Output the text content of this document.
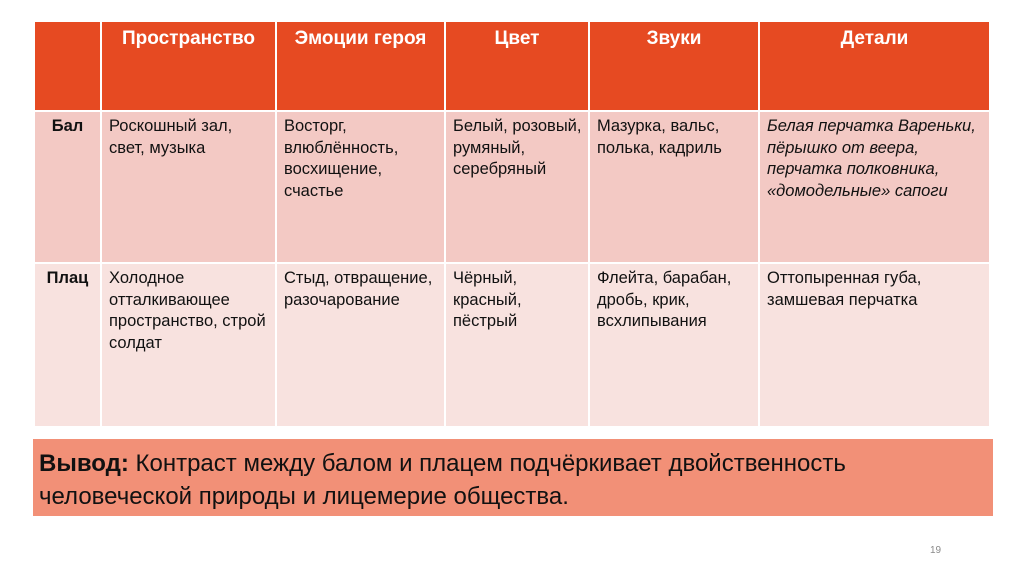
	Пространство	Эмоции героя	Цвет	Звуки	Детали
Бал	Роскошный зал, свет, музыка	Восторг, влюблённость, восхищение, счастье	Белый, розовый, румяный, серебряный	Мазурка, вальс, полька, кадриль	Белая перчатка Вареньки, пёрышко от веера, перчатка полковника, «домодельные» сапоги
Плац	Холодное отталкивающее пространство, строй солдат	Стыд, отвращение, разочарование	Чёрный, красный, пёстрый	Флейта, барабан, дробь, крик, всхлипывания	Оттопыренная губа, замшевая перчатка
Вывод: Контраст между балом и плацем подчёркивает двойственность человеческой природы и лицемерие общества.
19
